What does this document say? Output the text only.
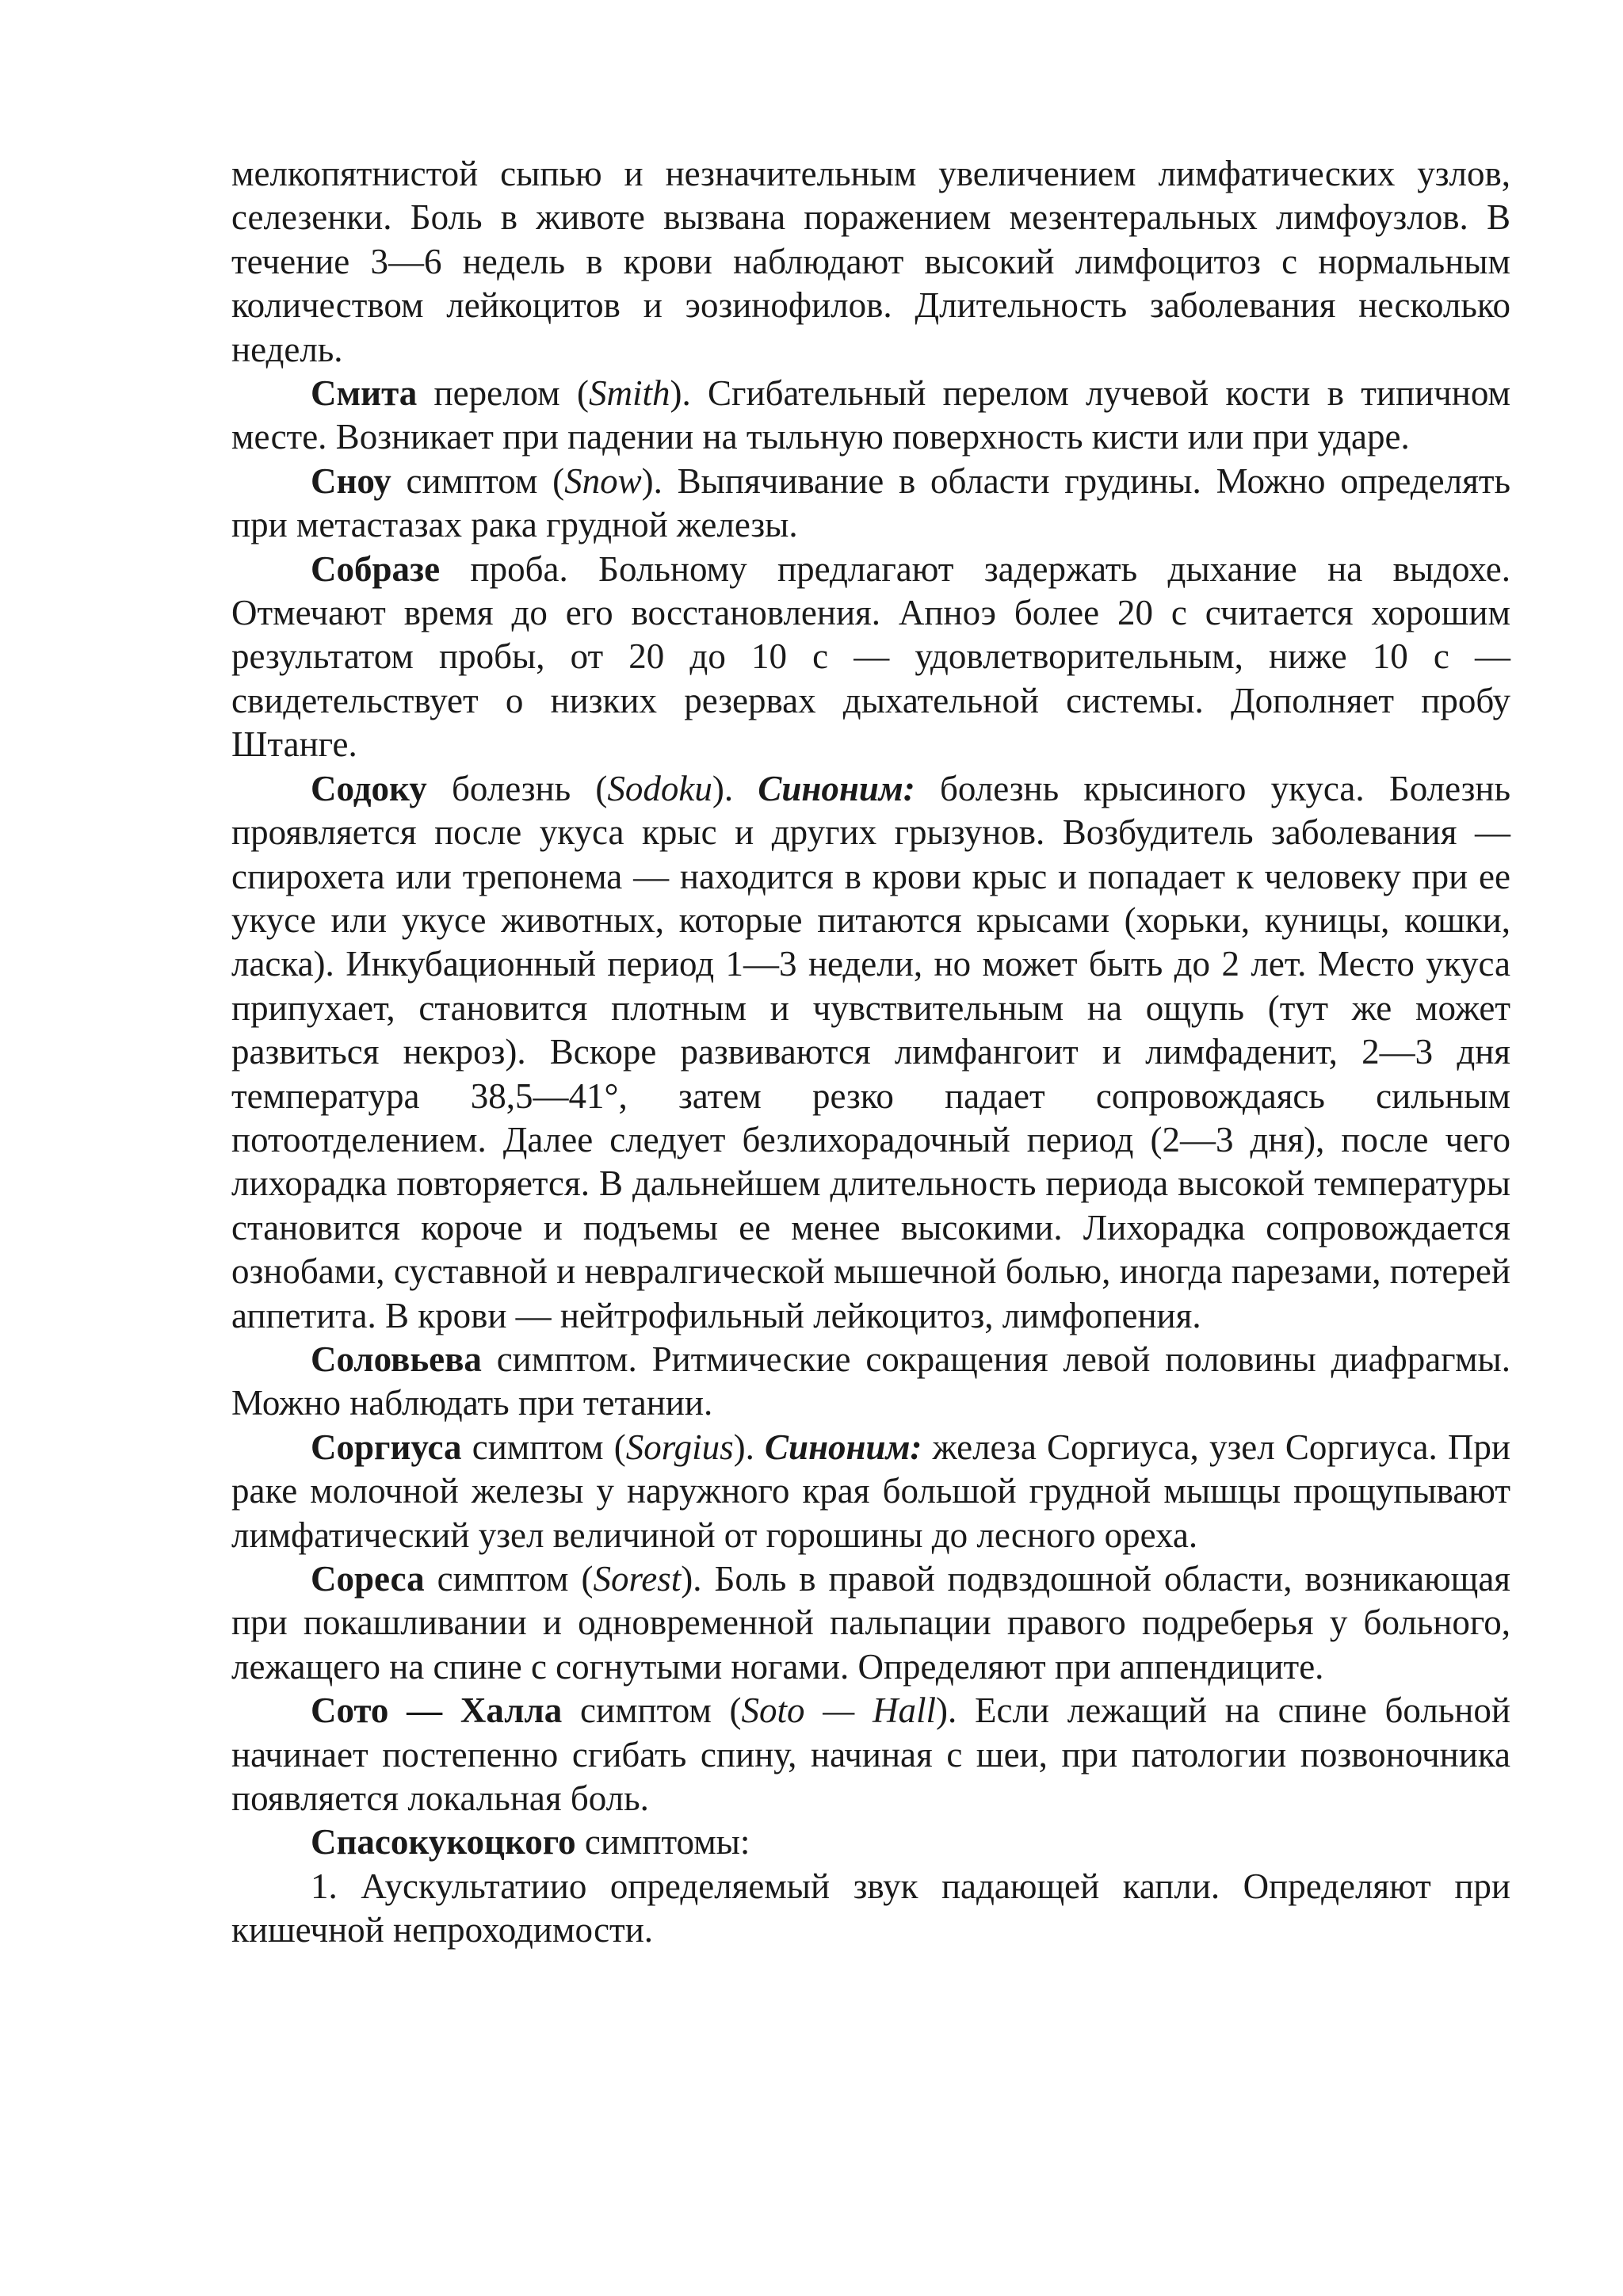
мелкопятнистой сыпью и незначительным увеличением лимфатических узлов, селезенки. Боль в животе вызвана поражением мезентеральных лимфоузлов. В течение 3—6 недель в крови наблюдают высокий лимфоцитоз с нормальным количеством лейкоцитов и эозинофилов. Длительность заболевания несколько недель.

Смита перелом (Smith). Сгибательный перелом лучевой кости в типичном месте. Возникает при падении на тыльную поверхность кисти или при ударе.

Сноу симптом (Snow). Выпячивание в области грудины. Можно определять при метастазах рака грудной железы.

Собразе проба. Больному предлагают задержать дыхание на выдохе. Отмечают время до его восстановления. Апноэ более 20 с считается хорошим результатом пробы, от 20 до 10 с — удовлетворительным, ниже 10 с — свидетельствует о низких резервах дыхательной системы. Дополняет пробу Штанге.

Содоку болезнь (Sodoku). Синоним: болезнь крысиного укуса. Болезнь проявляется после укуса крыс и других грызунов. Возбудитель заболевания — спирохета или трепонема — находится в крови крыс и попадает к человеку при ее укусе или укусе животных, которые питаются крысами (хорьки, куницы, кошки, ласка). Инкубационный период 1—3 недели, но может быть до 2 лет. Место укуса припухает, становится плотным и чувствительным на ощупь (тут же может развиться некроз). Вскоре развиваются лимфангоит и лимфаденит, 2—3 дня температура 38,5—41°, затем резко падает сопровождаясь сильным потоотделением. Далее следует безлихорадочный период (2—3 дня), после чего лихорадка повторяется. В дальнейшем длительность периода высокой температуры становится короче и подъемы ее менее высокими. Лихорадка сопровождается ознобами, суставной и невралгической мышечной болью, иногда парезами, потерей аппетита. В крови — нейтрофильный лейкоцитоз, лимфопения.

Соловьева симптом. Ритмические сокращения левой половины диафрагмы. Можно наблюдать при тетании.

Соргиуса симптом (Sorgius). Синоним: железа Соргиуса, узел Соргиуса. При раке молочной железы у наружного края большой грудной мышцы прощупывают лимфатический узел величиной от горошины до лесного ореха.

Сореса симптом (Sorest). Боль в правой подвздошной области, возникающая при покашливании и одновременной пальпации правого подреберья у больного, лежащего на спине с согнутыми ногами. Определяют при аппендиците.

Сото — Халла симптом (Soto — Hall). Если лежащий на спине больной начинает постепенно сгибать спину, начиная с шеи, при патологии позвоночника появляется локальная боль.

Спасокукоцкого симптомы:

1. Аускультатиио определяемый звук падающей капли. Определяют при кишечной непроходимости.
